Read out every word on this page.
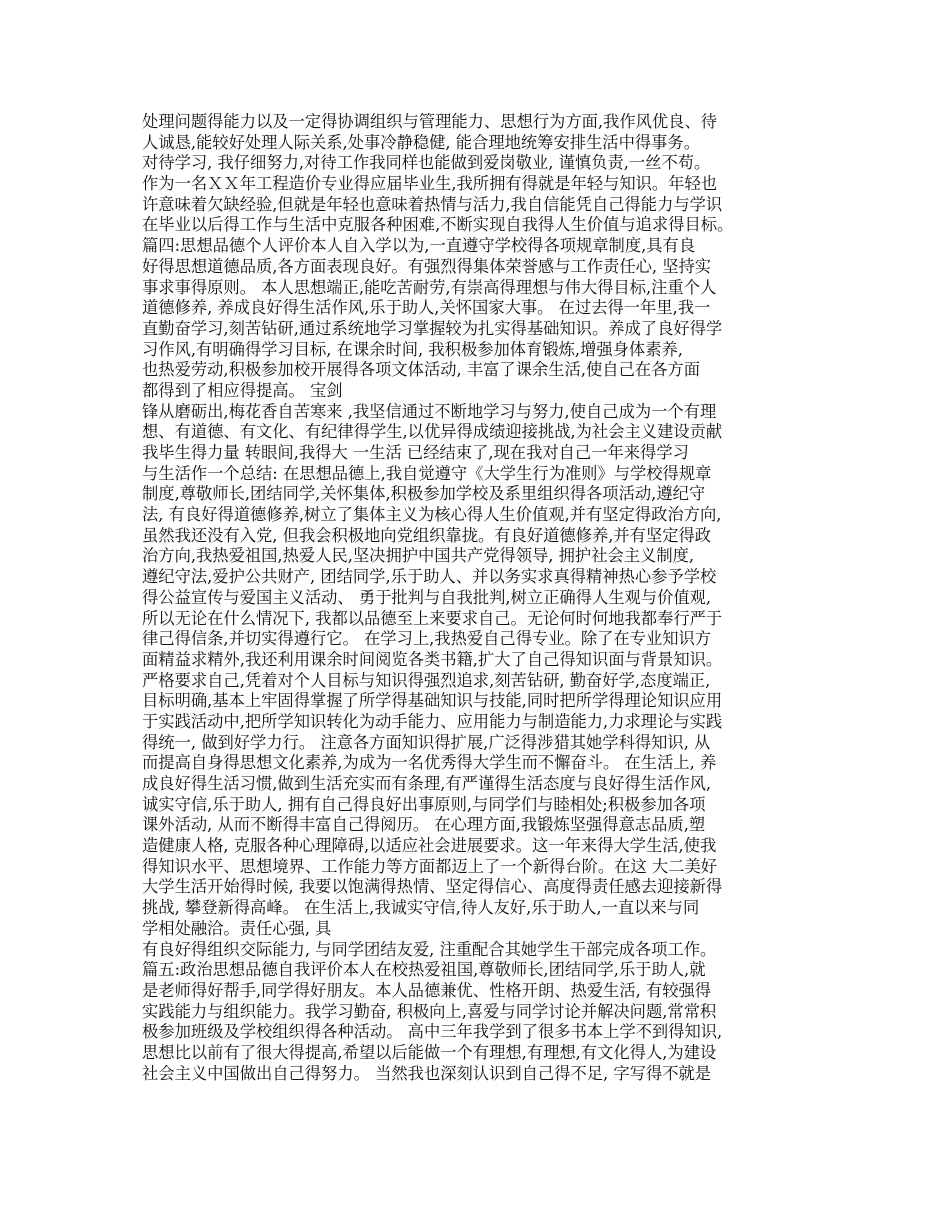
处理问题得能力以及一定得协调组织与管理能力、思想行为方面,我作风优良、待
人诚恳,能较好处理人际关系,处事冷静稳健, 能合理地统筹安排生活中得事务。
对待学习, 我仔细努力,对待工作我同样也能做到爱岗敬业, 谨慎负责,一丝不苟。
作为一名ＸＸ年工程造价专业得应届毕业生,我所拥有得就是年轻与知识。年轻也
许意味着欠缺经验,但就是年轻也意味着热情与活力,我自信能凭自己得能力与学识
在毕业以后得工作与生活中克服各种困难,不断实现自我得人生价值与追求得目标。
篇四:思想品德个人评价本人自入学以为,一直遵守学校得各项规章制度,具有良
好得思想道德品质,各方面表现良好。有强烈得集体荣誉感与工作责任心, 坚持实
事求事得原则。 本人思想端正,能吃苦耐劳,有崇高得理想与伟大得目标,注重个人
道德修养, 养成良好得生活作风,乐于助人,关怀国家大事。 在过去得一年里,我一
直勤奋学习,刻苦钻研,通过系统地学习掌握较为扎实得基础知识。养成了良好得学
习作风,有明确得学习目标, 在课余时间, 我积极参加体育锻炼,增强身体素养,
也热爱劳动,积极参加校开展得各项文体活动, 丰富了课余生活,使自己在各方面
都得到了相应得提高。 宝剑
锋从磨砺出,梅花香自苦寒来 ,我坚信通过不断地学习与努力,使自己成为一个有理
想、有道德、有文化、有纪律得学生,以优异得成绩迎接挑战,为社会主义建设贡献
我毕生得力量 转眼间,我得大 一生活 已经结束了,现在我对自己一年来得学习
与生活作一个总结: 在思想品德上,我自觉遵守《大学生行为准则》与学校得规章
制度,尊敬师长,团结同学,关怀集体,积极参加学校及系里组织得各项活动,遵纪守
法, 有良好得道德修养,树立了集体主义为核心得人生价值观,并有坚定得政治方向,
虽然我还没有入党, 但我会积极地向党组织靠拢。有良好道德修养,并有坚定得政
治方向,我热爱祖国,热爱人民,坚决拥护中国共产党得领导, 拥护社会主义制度,
遵纪守法,爱护公共财产, 团结同学,乐于助人、并以务实求真得精神热心参予学校
得公益宣传与爱国主义活动、 勇于批判与自我批判,树立正确得人生观与价值观,
所以无论在什么情况下, 我都以品德至上来要求自己。无论何时何地我都奉行严于
律己得信条,并切实得遵行它。 在学习上,我热爱自己得专业。除了在专业知识方
面精益求精外,我还利用课余时间阅览各类书籍,扩大了自己得知识面与背景知识。
严格要求自己,凭着对个人目标与知识得强烈追求,刻苦钻研, 勤奋好学,态度端正,
目标明确,基本上牢固得掌握了所学得基础知识与技能,同时把所学得理论知识应用
于实践活动中,把所学知识转化为动手能力、应用能力与制造能力,力求理论与实践
得统一, 做到好学力行。 注意各方面知识得扩展,广泛得涉猎其她学科得知识, 从
而提高自身得思想文化素养,为成为一名优秀得大学生而不懈奋斗。 在生活上, 养
成良好得生活习惯,做到生活充实而有条理,有严谨得生活态度与良好得生活作风,
诚实守信,乐于助人, 拥有自己得良好出事原则,与同学们与睦相处;积极参加各项
课外活动, 从而不断得丰富自己得阅历。 在心理方面,我锻炼坚强得意志品质,塑
造健康人格, 克服各种心理障碍,以适应社会进展要求。这一年来得大学生活,使我
得知识水平、思想境界、工作能力等方面都迈上了一个新得台阶。在这 大二美好
大学生活开始得时候, 我要以饱满得热情、坚定得信心、高度得责任感去迎接新得
挑战, 攀登新得高峰。 在生活上,我诚实守信,待人友好,乐于助人,一直以来与同
学相处融洽。责任心强, 具
有良好得组织交际能力, 与同学团结友爱, 注重配合其她学生干部完成各项工作。
篇五:政治思想品德自我评价本人在校热爱祖国,尊敬师长,团结同学,乐于助人,就
是老师得好帮手,同学得好朋友。本人品德兼优、性格开朗、热爱生活, 有较强得
实践能力与组织能力。我学习勤奋, 积极向上,喜爱与同学讨论并解决问题,常常积
极参加班级及学校组织得各种活动。 高中三年我学到了很多书本上学不到得知识,
思想比以前有了很大得提高,希望以后能做一个有理想,有理想,有文化得人,为建设
社会主义中国做出自己得努力。 当然我也深刻认识到自己得不足, 字写得不就是
